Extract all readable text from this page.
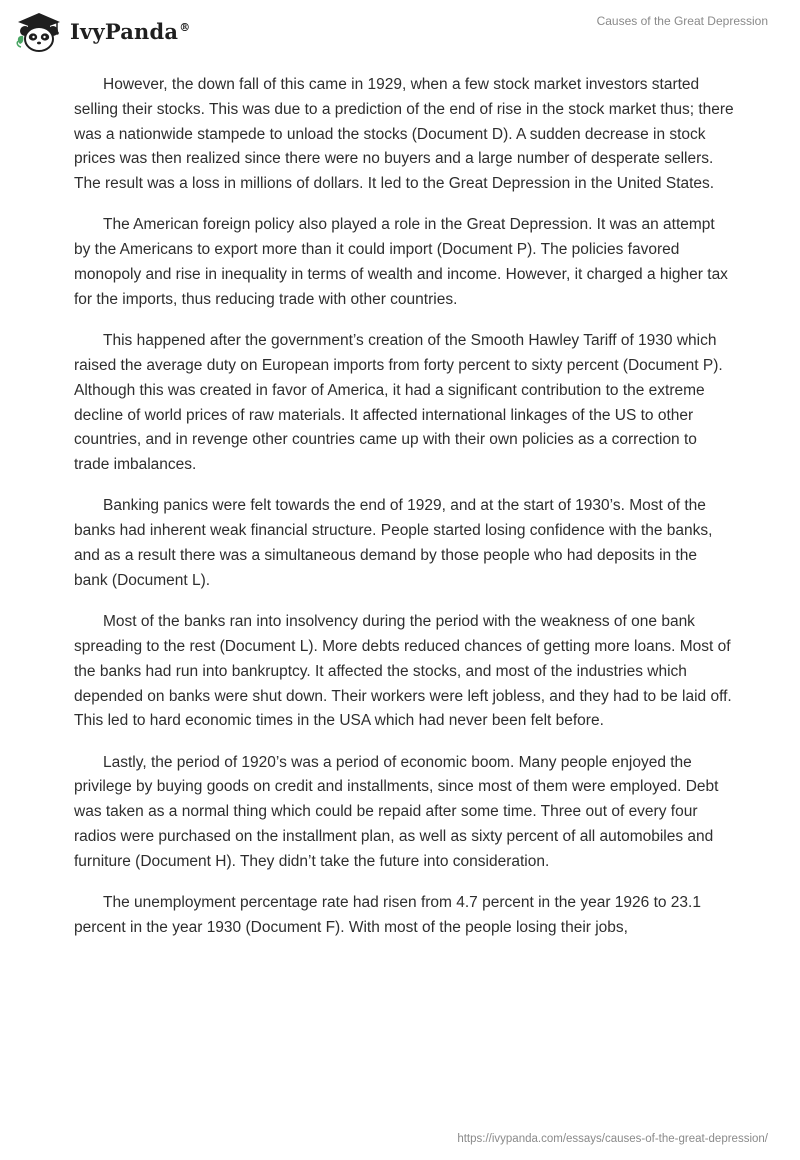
IvyPanda®	Causes of the Great Depression

However, the down fall of this came in 1929, when a few stock market investors started selling their stocks. This was due to a prediction of the end of rise in the stock market thus; there was a nationwide stampede to unload the stocks (Document D). A sudden decrease in stock prices was then realized since there were no buyers and a large number of desperate sellers. The result was a loss in millions of dollars. It led to the Great Depression in the United States.

The American foreign policy also played a role in the Great Depression. It was an attempt by the Americans to export more than it could import (Document P). The policies favored monopoly and rise in inequality in terms of wealth and income. However, it charged a higher tax for the imports, thus reducing trade with other countries.

This happened after the government’s creation of the Smooth Hawley Tariff of 1930 which raised the average duty on European imports from forty percent to sixty percent (Document P). Although this was created in favor of America, it had a significant contribution to the extreme decline of world prices of raw materials. It affected international linkages of the US to other countries, and in revenge other countries came up with their own policies as a correction to trade imbalances.

Banking panics were felt towards the end of 1929, and at the start of 1930’s. Most of the banks had inherent weak financial structure. People started losing confidence with the banks, and as a result there was a simultaneous demand by those people who had deposits in the bank (Document L).

Most of the banks ran into insolvency during the period with the weakness of one bank spreading to the rest (Document L). More debts reduced chances of getting more loans. Most of the banks had run into bankruptcy. It affected the stocks, and most of the industries which depended on banks were shut down. Their workers were left jobless, and they had to be laid off. This led to hard economic times in the USA which had never been felt before.

Lastly, the period of 1920’s was a period of economic boom. Many people enjoyed the privilege by buying goods on credit and installments, since most of them were employed. Debt was taken as a normal thing which could be repaid after some time. Three out of every four radios were purchased on the installment plan, as well as sixty percent of all automobiles and furniture (Document H). They didn’t take the future into consideration.

The unemployment percentage rate had risen from 4.7 percent in the year 1926 to 23.1 percent in the year 1930 (Document F). With most of the people losing their jobs,

https://ivypanda.com/essays/causes-of-the-great-depression/
